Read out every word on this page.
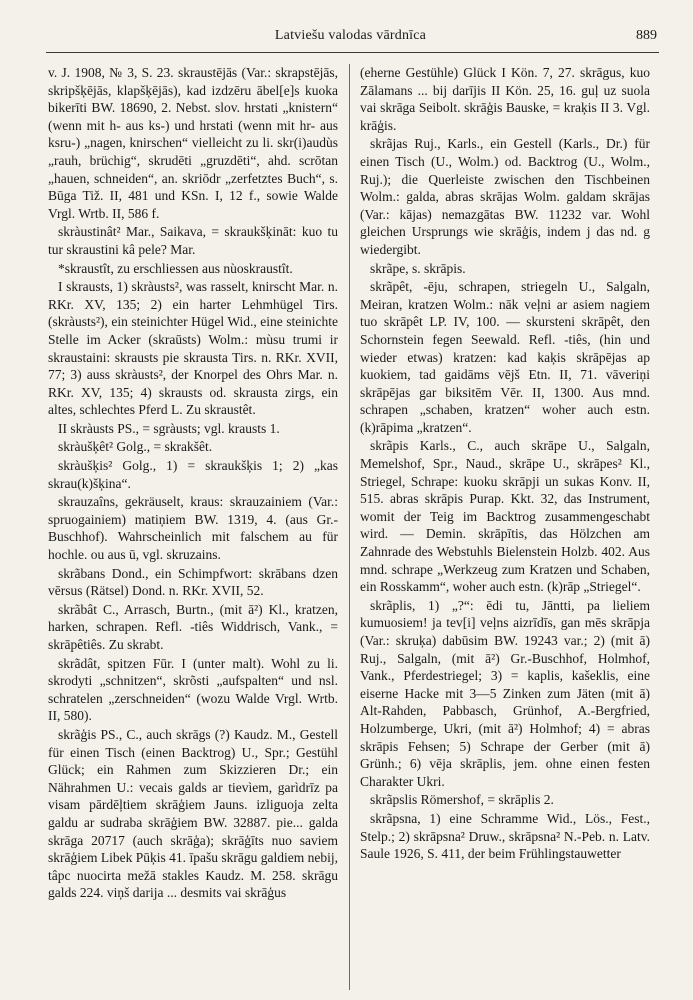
Latviešu valodas vārdnīca	889

v. J. 1908, № 3, S. 23. skraustējās (Var.: skrapstējās, skripšķējās, klapšķējās), kad izdzēru ābel[e]s kuoka bikerīti BW. 18690, 2. Nebst. slov. hrstati „knistern“ (wenn mit h- aus ks-) und hrstati (wenn mit hr- aus ksru-) „nagen, knirschen“ vielleicht zu li. skr(i)audùs „rauh, brüchig“, skrudēti „gruzdēti“, ahd. scrōtan „hauen, schneiden“, an. skriōdr „zerfetztes Buch“, s. Būga Tiž. II, 481 und KSn. I, 12 f., sowie Walde Vrgl. Wrtb. II, 586 f.

skràustinât² Mar., Saikava, = skraukšķināt: kuo tu tur skraustini kâ pele? Mar.

*skraustît, zu erschliessen aus nùoskraustît.

I skrausts, 1) skràusts², was rasselt, knirscht Mar. n. RKr. XV, 135; 2) ein harter Lehmhügel Tirs. (skràusts²), ein steinichter Hügel Wid., eine steinichte Stelle im Acker (skraūsts) Wolm.: mùsu trumi ir skraustaini: skrausts pie skrausta Tirs. n. RKr. XVII, 77; 3) auss skràusts², der Knorpel des Ohrs Mar. n. RKr. XV, 135; 4) skrausts od. skrausta zirgs, ein altes, schlechtes Pferd L. Zu skraustêt.

II skràusts PS., = sgràusts; vgl. krausts 1.

skràušķêt² Golg., = skrakšêt.

skràušķis² Golg., 1) = skraukšķis 1; 2) „kas skrau(k)šķina“.

skrauzaîns, gekräuselt, kraus: skrauzainiem (Var.: spruogainiem) matiņiem BW. 1319, 4. (aus Gr.-Buschhof). Wahrscheinlich mit falschem au für hochle. ou aus ū, vgl. skruzains.

skrãbans Dond., ein Schimpfwort: skrābans dzen vērsus (Rätsel) Dond. n. RKr. XVII, 52.

skrãbât C., Arrasch, Burtn., (mit ā²) Kl., kratzen, harken, schrapen. Refl. -tiês Widdrisch, Vank., = skrāpêtiês. Zu skrabt.

skrãdât, spitzen Fūr. I (unter malt). Wohl zu li. skrodyti „schnitzen“, skrõsti „aufspalten“ und nsl. schratelen „zerschneiden“ (wozu Walde Vrgl. Wrtb. II, 580).

skrãģis PS., C., auch skrāgs (?) Kaudz. M., Gestell für einen Tisch (einen Backtrog) U., Spr.; Gestühl Glück; ein Rahmen zum Skizzieren Dr.; ein Nährahmen U.: vecais galds ar tievìem, garìdrīz pa visam pārdēļtiem skrāģiem Jauns. izliguoja zelta galdu ar sudraba skrāģiem BW. 32887. pie... galda skrāga 20717 (auch skrāģa); skrāģīts nuo saviem skrāģiem Libek Pūķis 41. īpašu skrāgu galdiem nebij, tâpc nuocirta mežā stakles Kaudz. M. 258. skrāgu galds 224. viņš darija ... desmits vai skrāģus

(eherne Gestühle) Glück I Kön. 7, 27. skrāgus, kuo Zālamans ... bij darījis II Kön. 25, 16. guļ uz suola vai skrāga Seibolt. skrāģis Bauske, = kraķis II 3. Vgl. krāģis.

skrãjas Ruj., Karls., ein Gestell (Karls., Dr.) für einen Tisch (U., Wolm.) od. Backtrog (U., Wolm., Ruj.); die Querleiste zwischen den Tischbeinen Wolm.: galda, abras skrājas Wolm. galdam skrājas (Var.: kājas) nemazgātas BW. 11232 var. Wohl gleichen Ursprungs wie skrāģis, indem j das nd. g wiedergibt.

skrãpe, s. skrāpis.

skrãpêt, -ēju, schrapen, striegeln U., Salgaln, Meiran, kratzen Wolm.: nāk veļni ar asiem nagiem tuo skrāpêt LP. IV, 100. — skursteni skrāpêt, den Schornstein fegen Seewald. Refl. -tiês, (hin und wieder etwas) kratzen: kad kaķis skrāpējas ap kuokiem, tad gaidāms vējš Etn. II, 71. vāveriņi skrāpējas gar biksitēm Vēr. II, 1300. Aus mnd. schrapen „schaben, kratzen“ woher auch estn. (k)rāpima „kratzen“.

skrãpis Karls., C., auch skrāpe U., Salgaln, Memelshof, Spr., Naud., skrāpe U., skrāpes² Kl., Striegel, Schrape: kuoku skrāpji un sukas Konv. II, 515. abras skrāpis Purap. Kkt. 32, das Instrument, womit der Teig im Backtrog zusammengeschabt wird. — Demin. skrāpītis, das Hölzchen am Zahnrade des Webstuhls Bielenstein Holzb. 402. Aus mnd. schrape „Werkzeug zum Kratzen und Schaben, ein Rosskamm“, woher auch estn. (k)rāp „Striegel“.

skrãplis, 1) „?“: ēdi tu, Jāntti, pa lieliem kumuosiem! ja tev[i] veļns aizrīdīs, gan mēs skrāpja (Var.: skruķa) dabūsim BW. 19243 var.; 2) (mit ā) Ruj., Salgaln, (mit ā²) Gr.-Buschhof, Holmhof, Vank., Pferdestriegel; 3) = kaplis, kašeklis, eine eiserne Hacke mit 3—5 Zinken zum Jäten (mit ā) Alt-Rahden, Pabbasch, Grünhof, A.-Bergfried, Holzumberge, Ukri, (mit ā²) Holmhof; 4) = abras skrāpis Fehsen; 5) Schrape der Gerber (mit ā) Grünh.; 6) vēja skrāplis, jem. ohne einen festen Charakter Ukri.

skrãpslis Römershof, = skrāplis 2.

skrãpsna, 1) eine Schramme Wid., Lös., Fest., Stelp.; 2) skrāpsna² Druw., skrāpsna² N.-Peb. n. Latv. Saule 1926, S. 411, der beim Frühlingstauwetter
